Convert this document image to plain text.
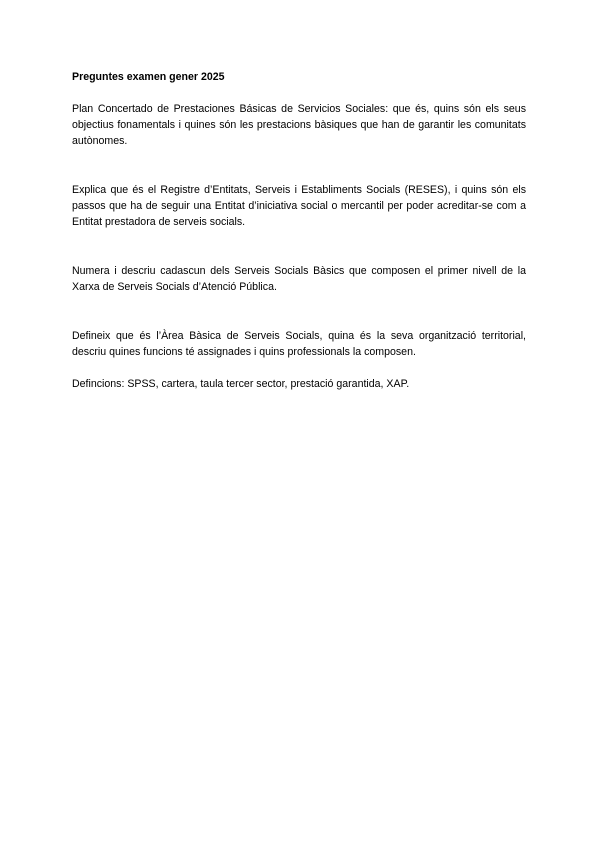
Preguntes examen gener 2025

Plan Concertado de Prestaciones Básicas de Servicios Sociales: que és, quins són els seus objectius fonamentals i quines són les prestacions bàsiques que han de garantir les comunitats autònomes.

Explica que és el Registre d’Entitats, Serveis i Establiments Socials (RESES), i quins són els passos que ha de seguir una Entitat d’iniciativa social o mercantil per poder acreditar-se com a Entitat prestadora de serveis socials.

Numera i descriu cadascun dels Serveis Socials Bàsics que composen el primer nivell de la Xarxa de Serveis Socials d’Atenció Pública.

Defineix que és l’Àrea Bàsica de Serveis Socials, quina és la seva organització territorial, descriu quines funcions té assignades i quins professionals la composen.

Defincions: SPSS, cartera, taula tercer sector, prestació garantida, XAP.
